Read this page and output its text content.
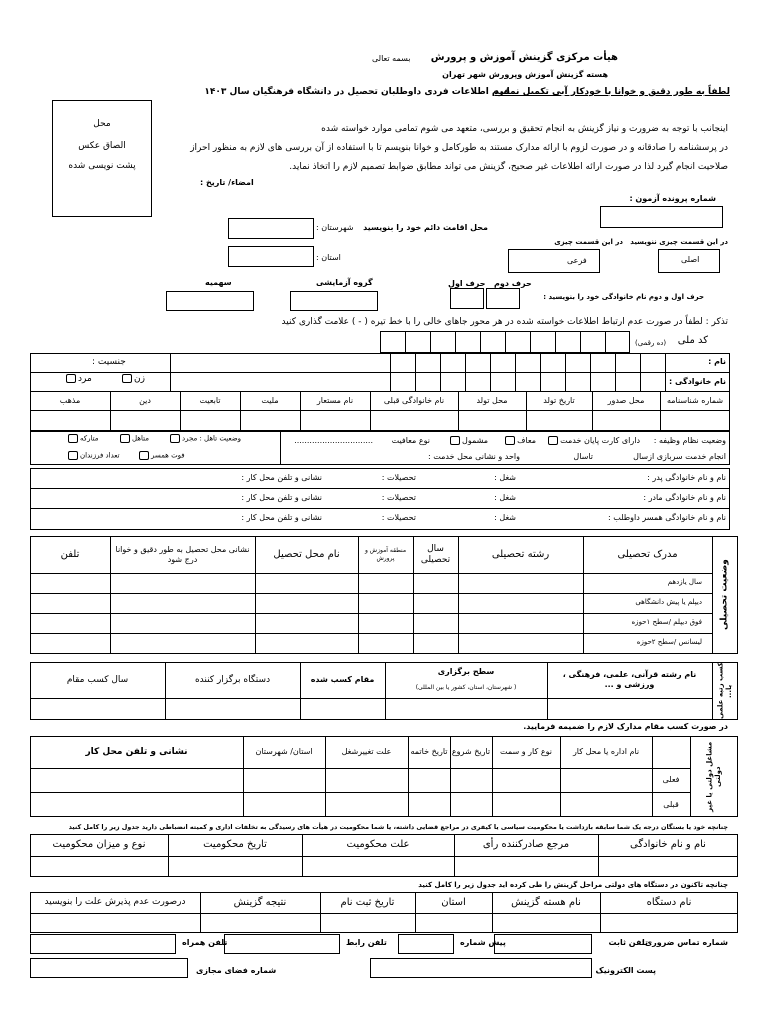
هیأت مرکزی گزینش آموزش و پرورش
بسمه تعالی
هسته گزینش آموزش وپرورش شهر تهران
فرم اطلاعات فردی داوطلبان تحصیل در دانشگاه فرهنگیان سال ۱۴۰۳
لطفاً به طور دقیق و خوانا با خودکار آبی تکمیل نمایید
محل
الصاق عکس
پشت نویسی شده
اینجانب با توجه به ضرورت و نیاز گزینش به انجام تحقیق و بررسی، متعهد می شوم تمامی موارد خواسته شده
در پرسشنامه را صادقانه و در صورت لزوم با ارائه مدارک مستند به طورکامل و خوانا بنویسم تا با استفاده از آن بررسی های لازم به منظور احراز
صلاحیت انجام گیرد لذا در صورت ارائه اطلاعات غیر صحیح، گزینش می تواند مطابق ضوابط تصمیم لازم را اتخاذ نماید.
امضاء/ تاریخ :
شماره پرونده آزمون :
محل اقامت دائم خود را بنویسید
شهرستان :
استان :
در این قسمت چیزی ننویسید
در این قسمت چیزی
اصلی
فرعی
حرف اول حرف دوم
حرف اول و دوم نام خانوادگی خود را بنویسید :
گروه آزمایشی
سهمیه
تذکر : لطفاً در صورت عدم ارتباط اطلاعات خواسته شده در هر محور جاهای خالی را با خط تیره ( - ) علامت گذاری کنید
کد ملی
(ده رقمی)
نام :
نام خانوادگی :
جنسیت :
زن
مرد
شماره شناسنامه
محل صدور
تاریخ تولد
محل تولد
نام خانوادگی قبلی
نام مستعار
ملیت
تابعیت
دین
مذهب
وضعیت نظام وظیفه :
دارای کارت پایان خدمت
معاف
مشمول
نوع معافیت
...............................
انجام خدمت سربازی ازسال
تاسال
واحد و نشانی محل خدمت :
وضعیت تاهل : مجرد
متاهل
متارکه
فوت همسر
تعداد فرزندان
نام و نام خانوادگی پدر :
شغل :
تحصیلات :
نشانی و تلفن محل کار :
نام و نام خانوادگی مادر :
شغل :
تحصیلات :
نشانی و تلفن محل کار :
نام و نام خانوادگی همسر داوطلب :
شغل :
تحصیلات :
نشانی و تلفن محل کار :
وضعیت تحصیلی
مدرک تحصیلی
رشته تحصیلی
سال تحصیلی
منطقه آموزش و پرورش
نام محل تحصیل
نشانی محل تحصیل به طور دقیق و خوانا درج شود
تلفن
سال یازدهم
دیپلم یا پیش دانشگاهی
فوق دیپلم /سطح ۱حوزه
لیسانس /سطح ۲حوزه
کسب رتبه علمی یا...
نام رشته قرآنی، علمی، فرهنگی ، ورزشی و ...
سطح برگزاری
( شهرستان، استان، کشور یا بین المللی)
مقام کسب شده
دستگاه برگزار کننده
سال کسب مقام
در صورت کسب مقام مدارک لازم را ضمیمه فرمایید.
مشاغل دولتی یا غیر دولتی
نام اداره یا محل کار
نوع کار و سمت
تاریخ شروع
تاریخ خاتمه
علت تغییرشغل
استان/ شهرستان
نشانی و تلفن محل کار
فعلی
قبلی
چنانچه خود یا بستگان درجه یک شما سابقه بازداشت یا محکومیت سیاسی یا کیفری در مراجع قضایی داشته، یا شما محکومیت در هیأت های رسیدگی به تخلفات اداری و کمیته انضباطی دارید جدول زیر را کامل کنید
نام و نام خانوادگی
مرجع صادرکننده رأی
علت محکومیت
تاریخ محکومیت
نوع و میزان محکومیت
چنانچه تاکنون در دستگاه های دولتی مراحل گزینش را طی کرده اید جدول زیر را کامل کنید
نام دستگاه
نام هسته گزینش
استان
تاریخ ثبت نام
نتیجه گزینش
درصورت عدم پذیرش علت را بنویسید
شماره تماس ضروری:
تلفن ثابت
پیش شماره
تلفن رابط
تلفن همراه
پست الکترونیک
شماره فضای مجازی
